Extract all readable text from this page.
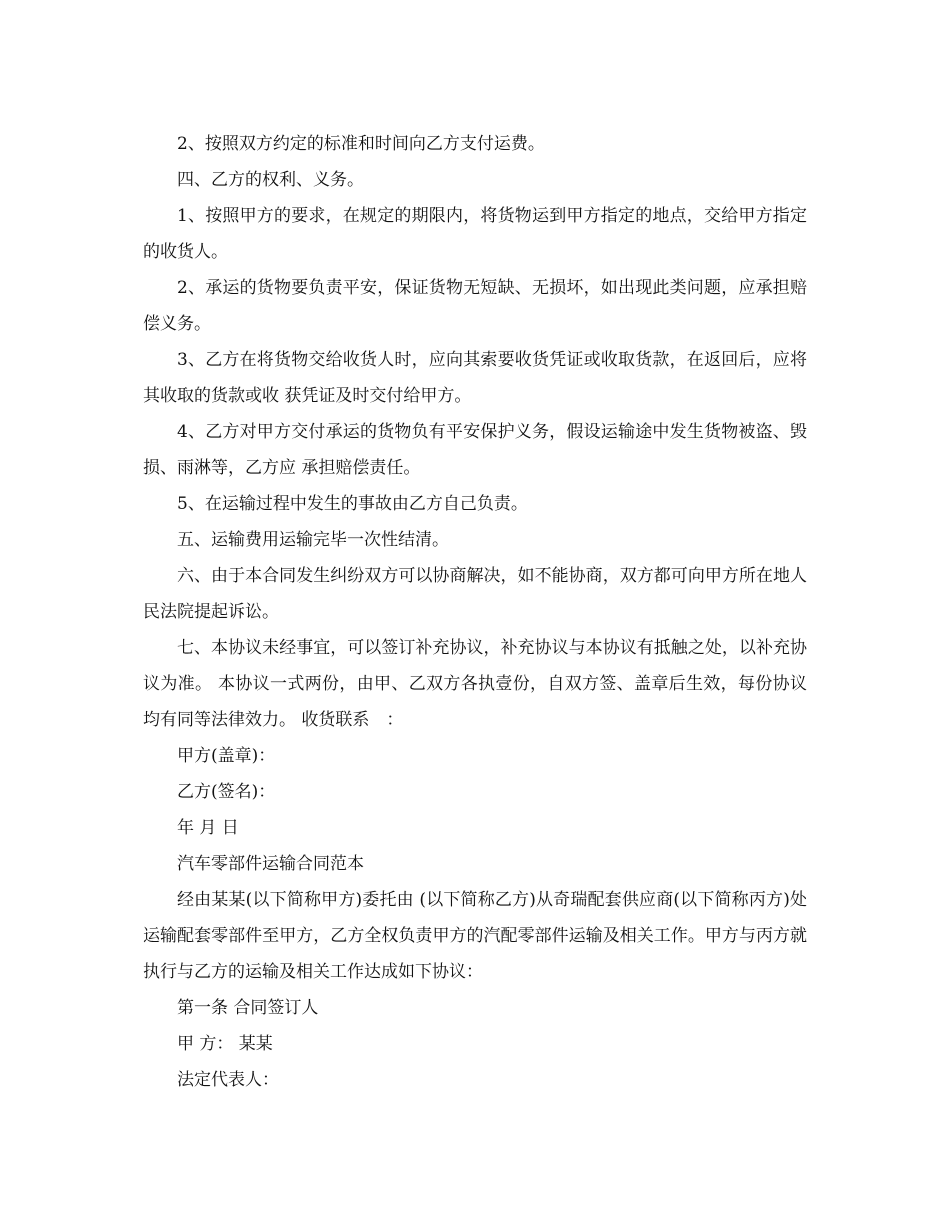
2、按照双方约定的标准和时间向乙方支付运费。

四、乙方的权利、义务。

1、按照甲方的要求，在规定的期限内，将货物运到甲方指定的地点，交给甲方指定的收货人。

2、承运的货物要负责平安，保证货物无短缺、无损坏，如出现此类问题，应承担赔偿义务。

3、乙方在将货物交给收货人时，应向其索要收货凭证或收取货款，在返回后，应将其收取的货款或收 获凭证及时交付给甲方。

4、乙方对甲方交付承运的货物负有平安保护义务，假设运输途中发生货物被盗、毁损、雨淋等，乙方应 承担赔偿责任。

5、在运输过程中发生的事故由乙方自己负责。

五、运输费用运输完毕一次性结清。

六、由于本合同发生纠纷双方可以协商解决，如不能协商，双方都可向甲方所在地人民法院提起诉讼。

七、本协议未经事宜，可以签订补充协议，补充协议与本协议有抵触之处，以补充协议为准。 本协议一式两份，由甲、乙双方各执壹份，自双方签、盖章后生效，每份协议均有同等法律效力。 收货联系　：

甲方(盖章)：

乙方(签名)：

年 月 日

汽车零部件运输合同范本

经由某某(以下简称甲方)委托由 (以下简称乙方)从奇瑞配套供应商(以下简称丙方)处运输配套零部件至甲方，乙方全权负责甲方的汽配零部件运输及相关工作。甲方与丙方就执行与乙方的运输及相关工作达成如下协议：

第一条 合同签订人

甲 方： 某某

法定代表人：
